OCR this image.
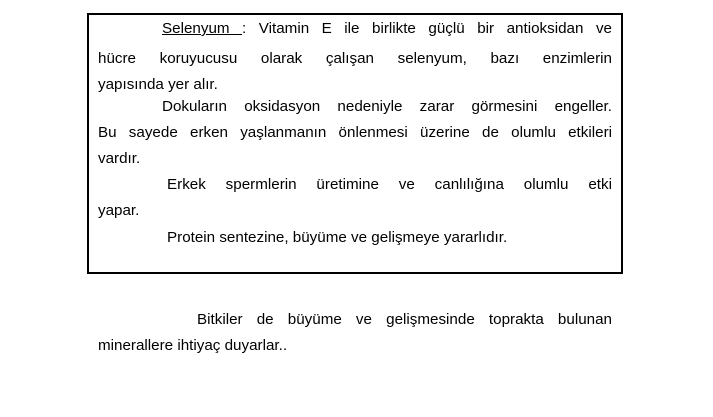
Selenyum : Vitamin E ile birlikte güçlü bir antioksidan ve
hücre koruyucusu olarak çalışan selenyum, bazı enzimlerin
yapısında yer alır.
Dokuların oksidasyon nedeniyle zarar görmesini engeller.
Bu sayede erken yaşlanmanın önlenmesi üzerine de olumlu etkileri
vardır.
Erkek spermlerin üretimine ve canlılığına olumlu etki
yapar.
Protein sentezine, büyüme ve gelişmeye yararlıdır.
Bitkiler de büyüme ve gelişmesinde toprakta bulunan
minerallere ihtiyaç duyarlar..
